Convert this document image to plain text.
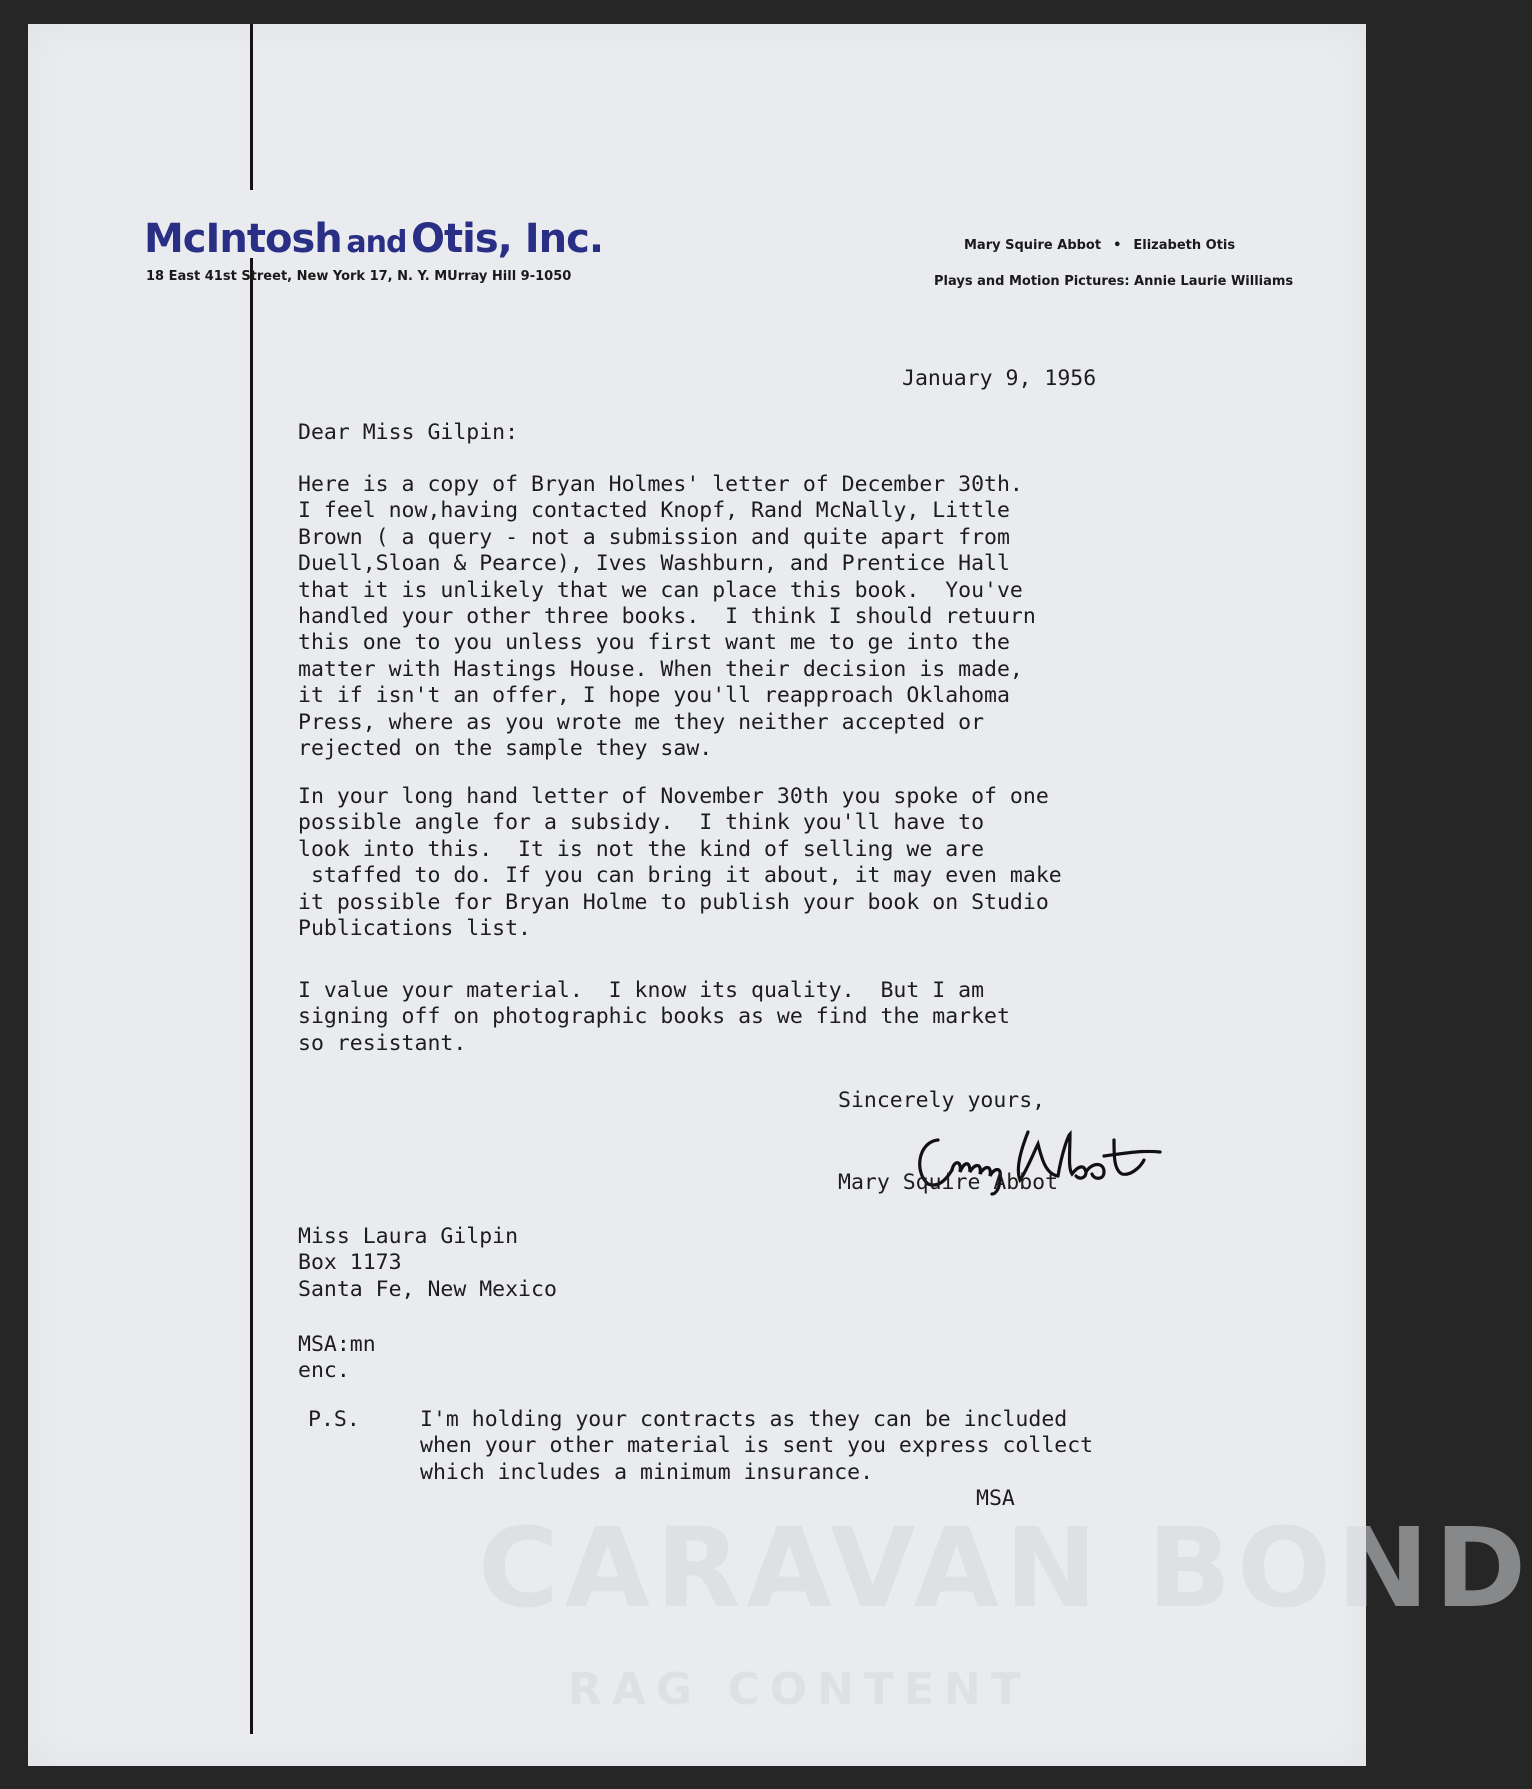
CARAVAN BOND
RAG CONTENT
McIntosh and Otis, Inc.
18 East 41st Street, New York 17, N. Y. MUrray Hill 9-1050
Mary Squire Abbot • Elizabeth Otis
Plays and Motion Pictures: Annie Laurie Williams
January 9, 1956
Dear Miss Gilpin:
Here is a copy of Bryan Holmes' letter of December 30th.
I feel now,having contacted Knopf, Rand McNally, Little
Brown ( a query - not a submission and quite apart from
Duell,Sloan & Pearce), Ives Washburn, and Prentice Hall
that it is unlikely that we can place this book.  You've
handled your other three books.  I think I should retuurn
this one to you unless you first want me to ge into the
matter with Hastings House. When their decision is made,
it if isn't an offer, I hope you'll reapproach Oklahoma
Press, where as you wrote me they neither accepted or
rejected on the sample they saw.
In your long hand letter of November 30th you spoke of one
possible angle for a subsidy.  I think you'll have to
look into this.  It is not the kind of selling we are
staffed to do. If you can bring it about, it may even make
it possible for Bryan Holme to publish your book on Studio
Publications list.
I value your material.  I know its quality.  But I am
signing off on photographic books as we find the market
so resistant.
Sincerely yours,
Mary Squire Abbot
Miss Laura Gilpin
Box 1173
Santa Fe, New Mexico
MSA:mn
enc.
P.S.	I'm holding your contracts as they can be included
when your other material is sent you express collect
which includes a minimum insurance.
MSA
